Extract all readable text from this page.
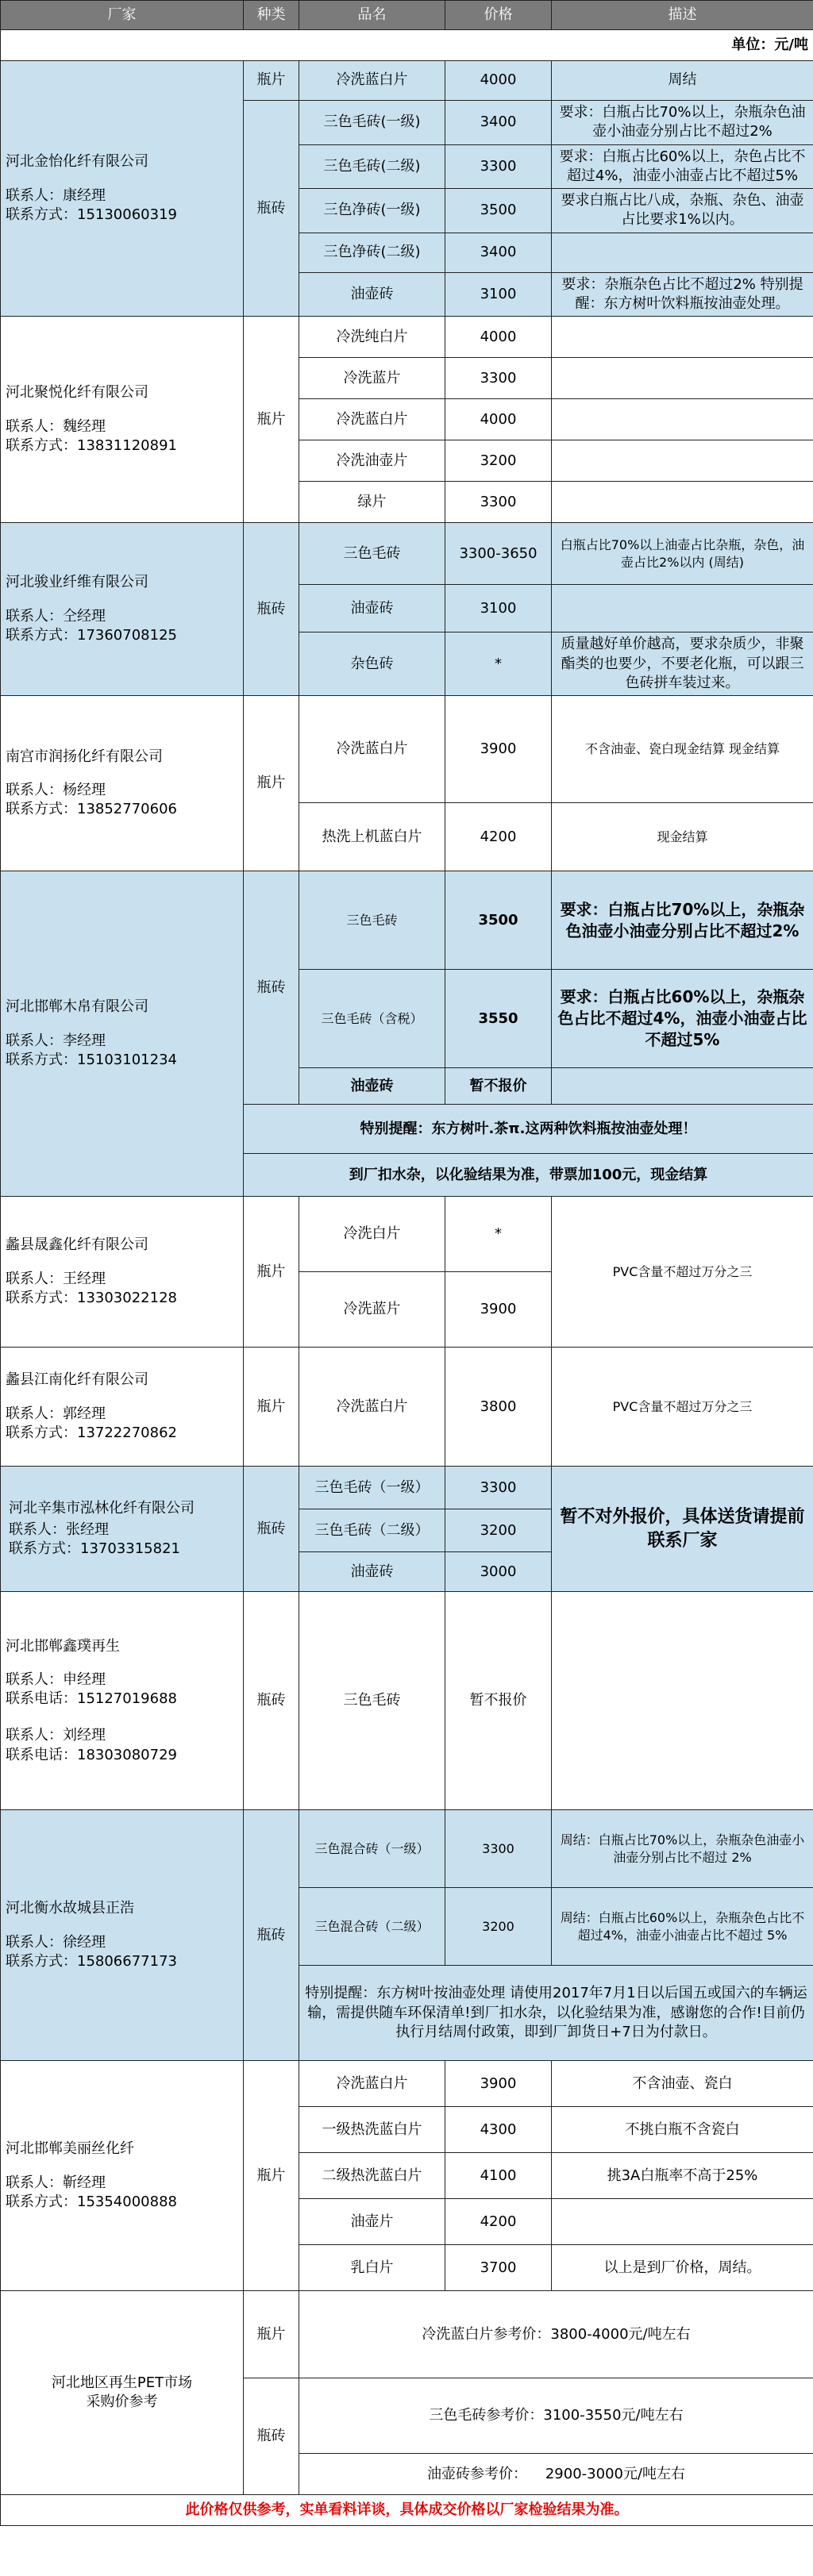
厂家	种类	品名	价格	描述
单位：元/吨				

河北金怡化纤有限公司
联系人：康经理
联系方式：15130060319	瓶片	冷洗蓝白片	4000	周结
	瓶砖	三色毛砖(一级)	3400	要求：白瓶占比70%以上，杂瓶杂色油壶小油壶分别占比不超过2%
		三色毛砖(二级)	3300	要求：白瓶占比60%以上，杂色占比不超过4%，油壶小油壶占比不超过5%
		三色净砖(一级)	3500	要求白瓶占比八成，杂瓶、杂色、油壶占比要求1%以内。
		三色净砖(二级)	3400	
		油壶砖	3100	要求：杂瓶杂色占比不超过2% 特别提醒：东方树叶饮料瓶按油壶处理。

河北聚悦化纤有限公司
联系人：魏经理
联系方式：13831120891	瓶片	冷洗纯白片	4000	
		冷洗蓝片	3300	
		冷洗蓝白片	4000	
		冷洗油壶片	3200	
		绿片	3300	

河北骏业纤维有限公司
联系人：仝经理
联系方式：17360708125	瓶砖	三色毛砖	3300-3650	白瓶占比70%以上油壶占比杂瓶，杂色，油壶占比2%以内 (周结)
		油壶砖	3100	
		杂色砖	*	质量越好单价越高，要求杂质少，非聚酯类的也要少，不要老化瓶，可以跟三色砖拼车装过来。

南宫市润扬化纤有限公司
联系人：杨经理
联系方式：13852770606	瓶片	冷洗蓝白片	3900	不含油壶、瓷白现金结算 现金结算
		热洗上机蓝白片	4200	现金结算

河北邯郸木帛有限公司
联系人：李经理
联系方式：15103101234	瓶砖	三色毛砖	3500	要求：白瓶占比70%以上，杂瓶杂色油壶小油壶分别占比不超过2%
		三色毛砖（含税）	3550	要求：白瓶占比60%以上，杂瓶杂色占比不超过4%，油壶小油壶占比不超过5%
		油壶砖	暂不报价	
	特别提醒：东方树叶.茶π.这两种饮料瓶按油壶处理！			
	到厂扣水杂，以化验结果为准，带票加100元，现金结算			

蠡县晟鑫化纤有限公司
联系人：王经理
联系方式：13303022128	瓶片	冷洗白片	*	PVC含量不超过万分之三
		冷洗蓝片	3900	

蠡县江南化纤有限公司
联系人：郭经理
联系方式：13722270862	瓶片	冷洗蓝白片	3800	PVC含量不超过万分之三

河北辛集市泓林化纤有限公司
联系人：张经理
联系方式：13703315821	瓶砖	三色毛砖（一级）	3300	暂不对外报价，具体送货请提前联系厂家
		三色毛砖（二级）	3200	
		油壶砖	3000	

河北邯郸鑫璞再生
联系人：申经理
联系电话：15127019688
联系人：刘经理
联系电话：18303080729	瓶砖	三色毛砖	暂不报价	

河北衡水故城县正浩
联系人：徐经理
联系方式：15806677173	瓶砖	三色混合砖（一级）	3300	周结：白瓶占比70%以上，杂瓶杂色油壶小油壶分别占比不超过 2%
		三色混合砖（二级）	3200	周结：白瓶占比60%以上，杂瓶杂色占比不超过4%，油壶小油壶占比不超过 5%
		特别提醒：东方树叶按油壶处理 请使用2017年7月1日以后国五或国六的车辆运输，需提供随车环保清单!到厂扣水杂，以化验结果为准，感谢您的合作!目前仍执行月结周付政策，即到厂卸货日+7日为付款日。		

河北邯郸美丽丝化纤
联系人：靳经理
联系方式：15354000888	瓶片	冷洗蓝白片	3900	不含油壶、瓷白
		一级热洗蓝白片	4300	不挑白瓶不含瓷白
		二级热洗蓝白片	4100	挑3A白瓶率不高于25%
		油壶片	4200	
		乳白片	3700	以上是到厂价格，周结。

河北地区再生PET市场
采购价参考	瓶片	冷洗蓝白片参考价：3800-4000元/吨左右		
	瓶砖	三色毛砖参考价：3100-3550元/吨左右		
		油壶砖参考价：    2900-3000元/吨左右		
此价格仅供参考，实单看料详谈，具体成交价格以厂家检验结果为准。				
